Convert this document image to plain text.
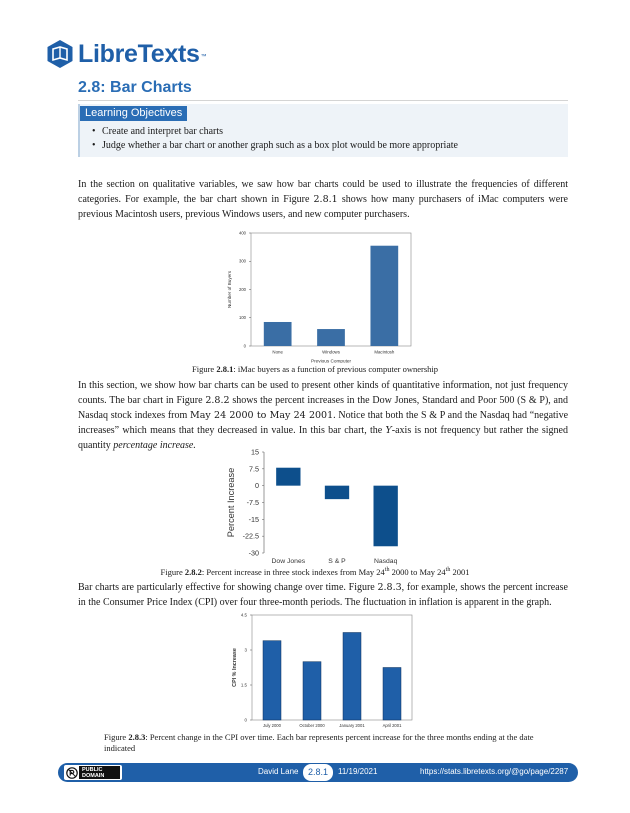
LibreTexts ™
2.8: Bar Charts
Learning Objectives
• Create and interpret bar charts
• Judge whether a bar chart or another graph such as a box plot would be more appropriate

In the section on qualitative variables, we saw how bar charts could be used to illustrate the frequencies of different categories. For example, the bar chart shown in Figure 2.8.1 shows how many purchasers of iMac computers were previous Macintosh users, previous Windows users, and new computer purchasers.

0
100
200
300
400
None	Windows	Macintosh
Number of Buyers
Previous Computer
Figure 2.8.1: iMac buyers as a function of previous computer ownership

In this section, we show how bar charts can be used to present other kinds of quantitative information, not just frequency counts. The bar chart in Figure 2.8.2 shows the percent increases in the Dow Jones, Standard and Poor 500 (S & P), and Nasdaq stock indexes from May 24 2000 to May 24 2001. Notice that both the S & P and the Nasdaq had “negative increases” which means that they decreased in value. In this bar chart, the Y-axis is not frequency but rather the signed quantity percentage increase.

15
7.5
0
-7.5
-15
-22.5
-30
Dow Jones	S & P	Nasdaq
Percent Increase
Figure 2.8.2: Percent increase in three stock indexes from May 24th 2000 to May 24th 2001

Bar charts are particularly effective for showing change over time. Figure 2.8.3, for example, shows the percent increase in the Consumer Price Index (CPI) over four three-month periods. The fluctuation in inflation is apparent in the graph.

0
1.5
3
4.5
July 2000	October 2000	January 2001	April 2001
CPI % Increase
Figure 2.8.3: Percent change in the CPI over time. Each bar represents percent increase for the three months ending at the date indicated
PUBLIC
DOMAIN	David Lane	2.8.1	11/19/2021	https://stats.libretexts.org/@go/page/2287
